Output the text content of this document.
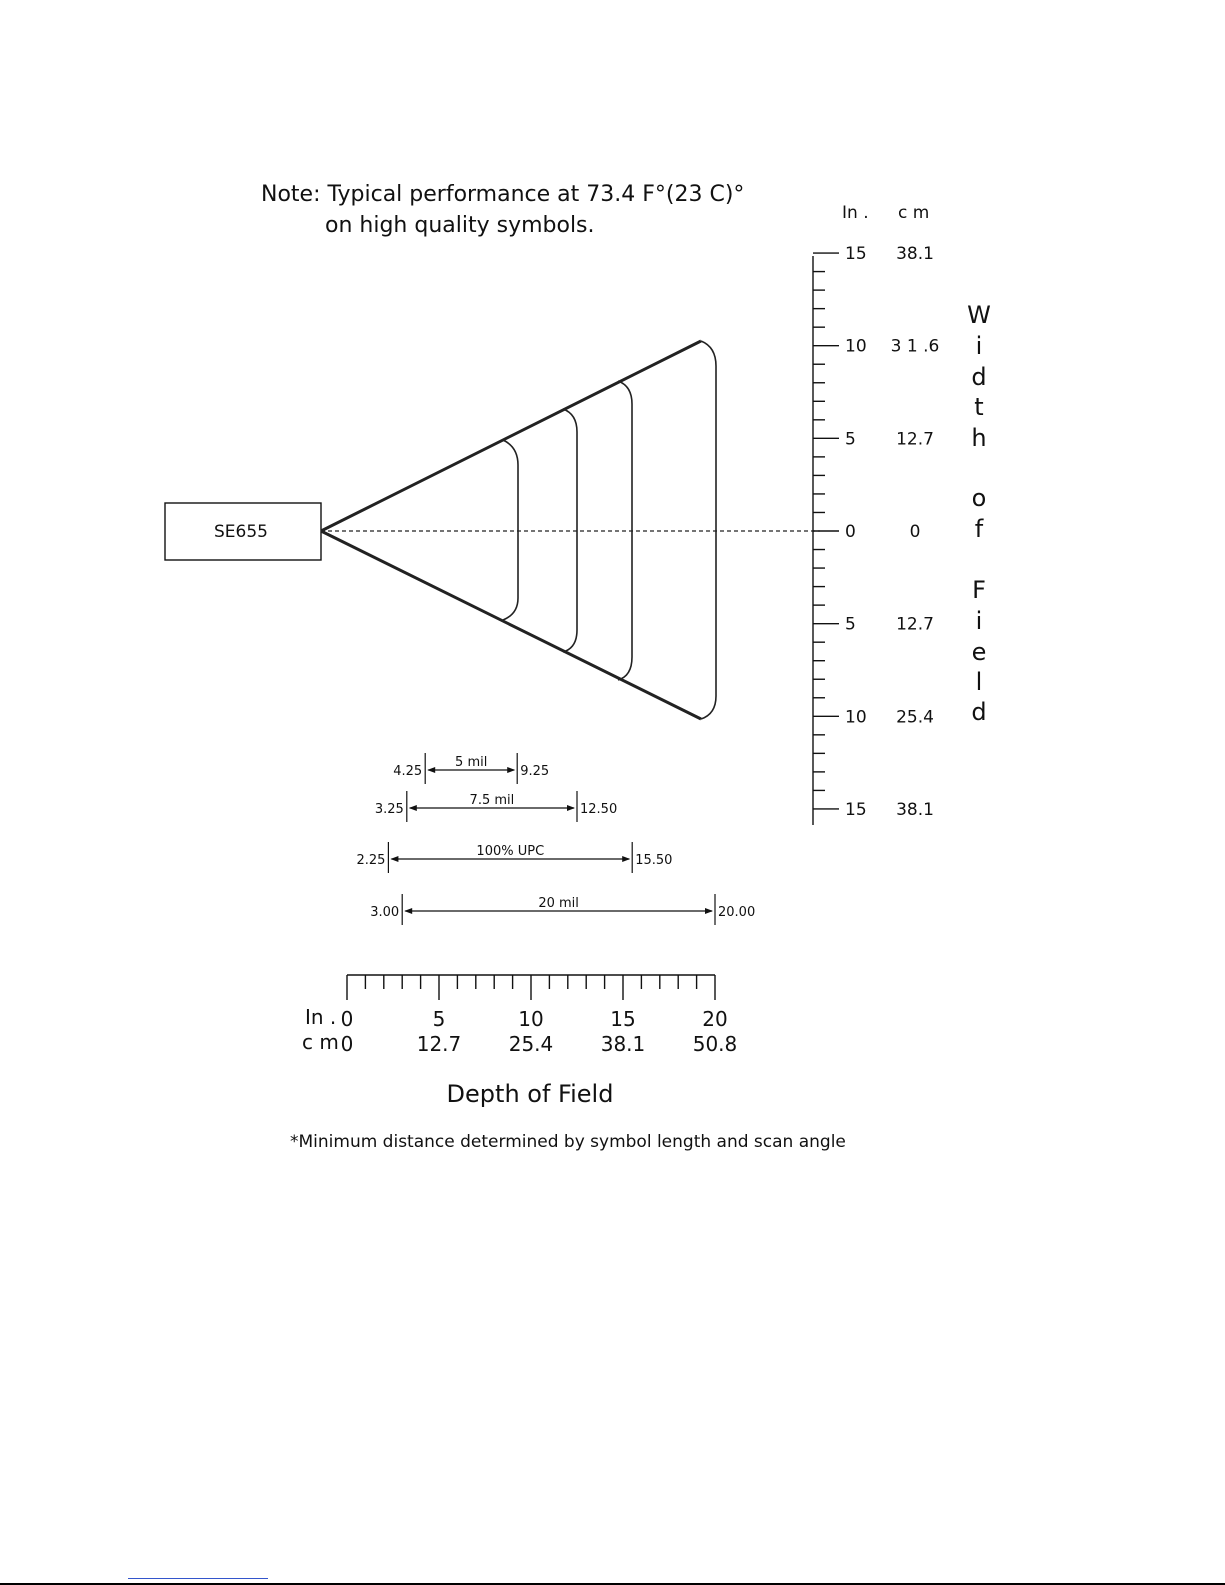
Note: Typical performance at 73.4 F°(23 C)°
on high quality symbols.
SE655
In . c m
15 38.1
10 3 1 .6
5 12.7
0	0
5 12.7
10 25.4
15 38.1
W
i
d
t
h
o
f
F
i
e
l
d
4.25	9.25
5 mil
3.25	12.50
7.5 mil
2.25	15.50
100% UPC
3.00	20.00
20 mil
In .
c m
Depth of Field
0
0
5
12.7
10
25.4
15
38.1
20
50.8
*Minimum distance determined by symbol length and scan angle
